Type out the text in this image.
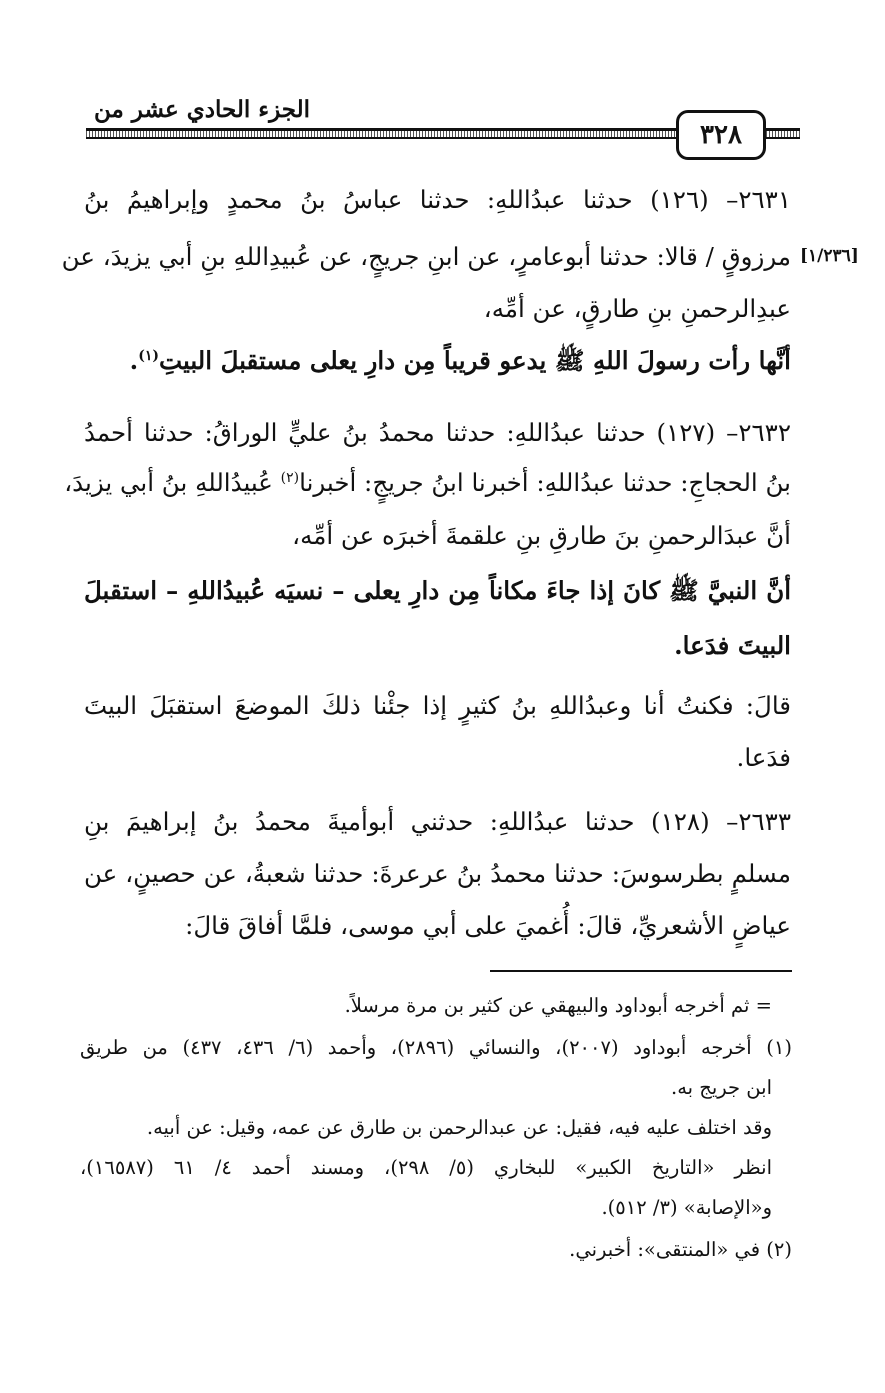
الجزء الحادي عشر من
٣٢٨
[١/٢٣٦]
٢٦٣١– (١٢٦) حدثنا عبدُاللهِ: حدثنا عباسُ بنُ محمدٍ وإبراهيمُ بنُ
مرزوقٍ / قالا: حدثنا أبوعامرٍ، عن ابنِ جريجٍ، عن عُبيدِاللهِ بنِ أبي يزيدَ، عن
عبدِالرحمنِ بنِ طارقٍ، عن أمِّه،
أنَّها رأت رسولَ اللهِ ﷺ يدعو قريباً مِن دارِ يعلى مستقبلَ البيتِ$^{(١)}$.
٢٦٣٢– (١٢٧) حدثنا عبدُاللهِ: حدثنا محمدُ بنُ عليٍّ الوراقُ: حدثنا أحمدُ
بنُ الحجاجِ: حدثنا عبدُاللهِ: أخبرنا ابنُ جريجٍ: أخبرنا$^{(٢)}$ عُبيدُاللهِ بنُ أبي يزيدَ،
أنَّ عبدَالرحمنِ بنَ طارقِ بنِ علقمةَ أخبرَه عن أمِّه،
أنَّ النبيَّ ﷺ كانَ إذا جاءَ مكاناً مِن دارِ يعلى – نسيَه عُبيدُاللهِ – استقبلَ
البيتَ فدَعا.
قالَ: فكنتُ أنا وعبدُاللهِ بنُ كثيرٍ إذا جئْنا ذلكَ الموضعَ استقبَلَ البيتَ
فدَعا.
٢٦٣٣– (١٢٨) حدثنا عبدُاللهِ: حدثني أبوأميةَ محمدُ بنُ إبراهيمَ بنِ
مسلمٍ بطرسوسَ: حدثنا محمدُ بنُ عرعرةَ: حدثنا شعبةُ، عن حصينٍ، عن
عياضٍ الأشعريِّ، قالَ: أُغميَ على أبي موسى، فلمَّا أفاقَ قالَ:
= ثم أخرجه أبوداود والبيهقي عن كثير بن مرة مرسلاً.
(١) أخرجه أبوداود (٢٠٠٧)، والنسائي (٢٨٩٦)، وأحمد (٦/ ٤٣٦، ٤٣٧) من طريق
ابن جريج به.
وقد اختلف عليه فيه، فقيل: عن عبدالرحمن بن طارق عن عمه، وقيل: عن أبيه.
انظر «التاريخ الكبير» للبخاري (٥/ ٢٩٨)، ومسند أحمد ٤/ ٦١ (١٦٥٨٧)،
و«الإصابة» (٣/ ٥١٢).
(٢) في «المنتقى»: أخبرني.
